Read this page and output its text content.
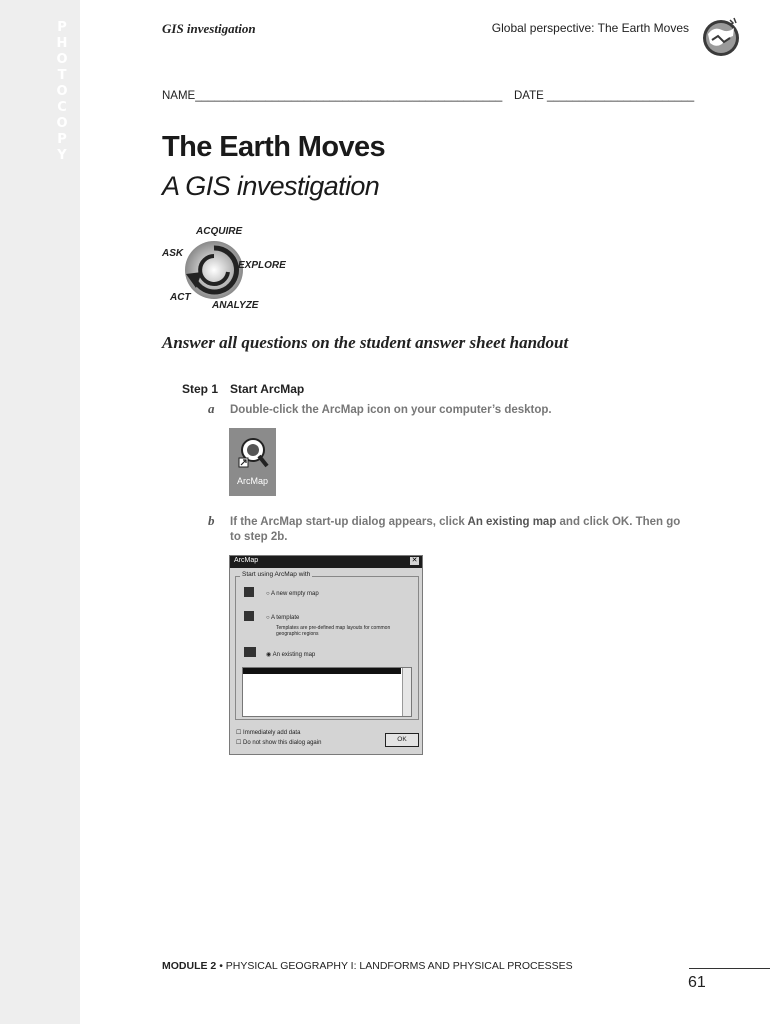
P
H
O
T
O
C
O
P
Y
GIS investigation	Global perspective: The Earth Moves
NAME________________________________________________ DATE _______________________
The Earth Moves
A GIS investigation
ACQUIRE
ASK
EXPLORE
ACT
ANALYZE
Answer all questions on the student answer sheet handout
Step 1 Start ArcMap
a Double-click the ArcMap icon on your computer’s desktop.
ArcMap
b If the ArcMap start-up dialog appears, click An existing map and click OK. Then go to step 2b.
ArcMap	✕
Start using ArcMap with
○ A new empty map
○ A template
Templates are pre-defined map layouts for common geographic regions
◉ An existing map
☐ Immediately add data
☐ Do not show this dialog again	OK
MODULE 2 • PHYSICAL GEOGRAPHY I: LANDFORMS AND PHYSICAL PROCESSES
61
